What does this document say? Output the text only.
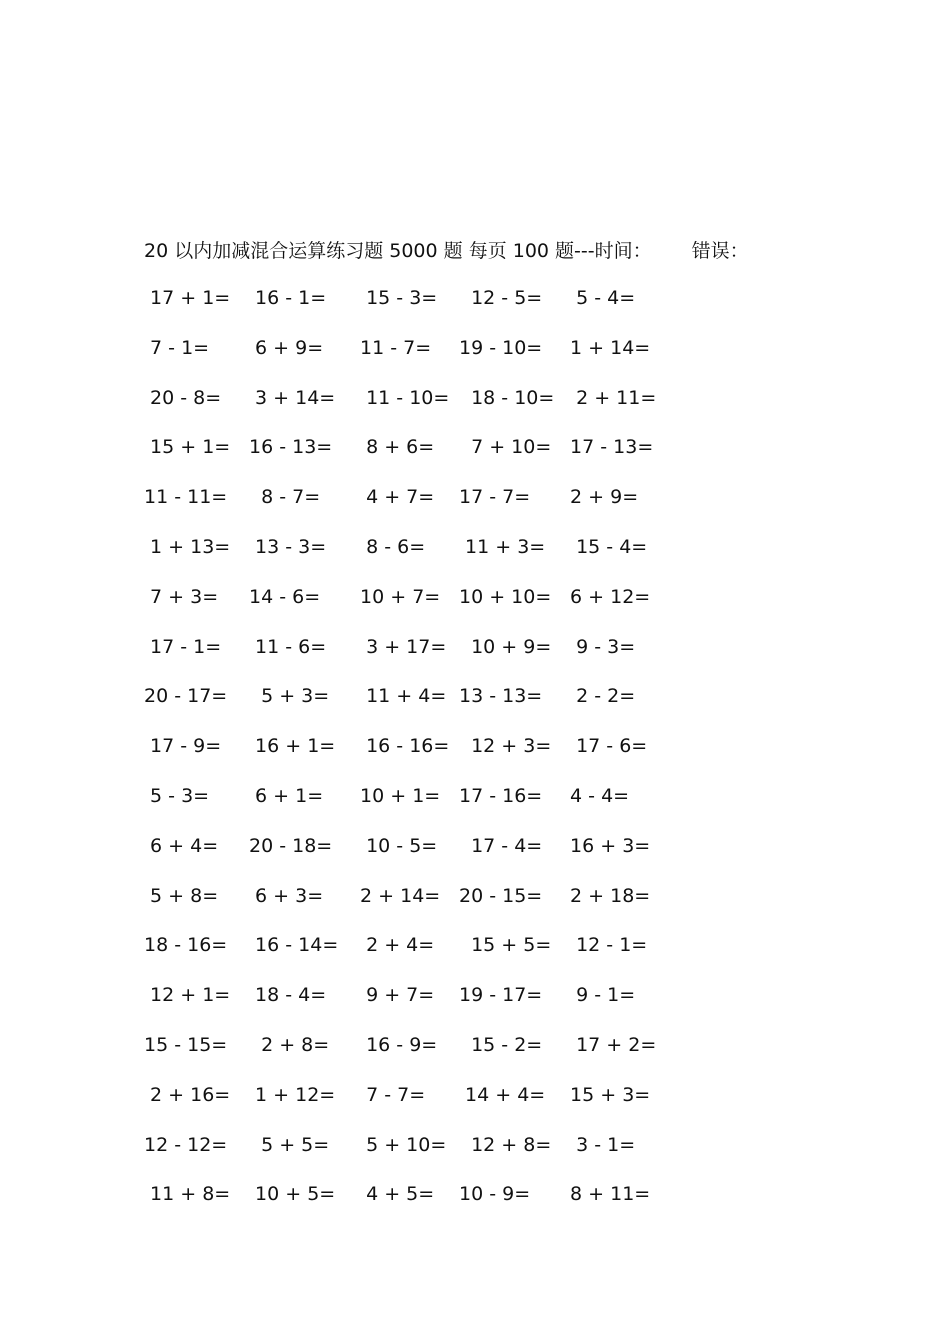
20 以内加减混合运算练习题 5000 题 每页 100 题---时间： 错误：
17 + 1= 16 - 1=	15 - 3=	12 - 5=	5 - 4=
7 - 1=	6 + 9=	11 - 7=	19 - 10=	1 + 14=
20 - 8=	3 + 14= 11 - 10= 18 - 10= 2 + 11=
15 + 1= 16 - 13=	8 + 6=	7 + 10= 17 - 13=
11 - 11=	8 - 7=	4 + 7=	17 - 7=	2 + 9=
1 + 13= 13 - 3=	8 - 6=	11 + 3= 15 - 4=
7 + 3=	14 - 6=	10 + 7= 10 + 10= 6 + 12=
17 - 1=	11 - 6=	3 + 17= 10 + 9= 9 - 3=
20 - 17=	5 + 3=	11 + 4= 13 - 13=	2 - 2=
17 - 9=	16 + 1= 16 - 16= 12 + 3= 17 - 6=
5 - 3=	6 + 1=	10 + 1= 17 - 16=	4 - 4=
6 + 4=	20 - 18=	10 - 5=	17 - 4=	16 + 3=
5 + 8=	6 + 3=	2 + 14= 20 - 15=	2 + 18=
18 - 16=	16 - 14= 2 + 4=	15 + 5= 12 - 1=
12 + 1= 18 - 4=	9 + 7=	19 - 17=	9 - 1=
15 - 15=	2 + 8=	16 - 9=	15 - 2=	17 + 2=
2 + 16= 1 + 12= 7 - 7=	14 + 4= 15 + 3=
12 - 12=	5 + 5=	5 + 10= 12 + 8= 3 - 1=
11 + 8= 10 + 5= 4 + 5=	10 - 9=	8 + 11=
